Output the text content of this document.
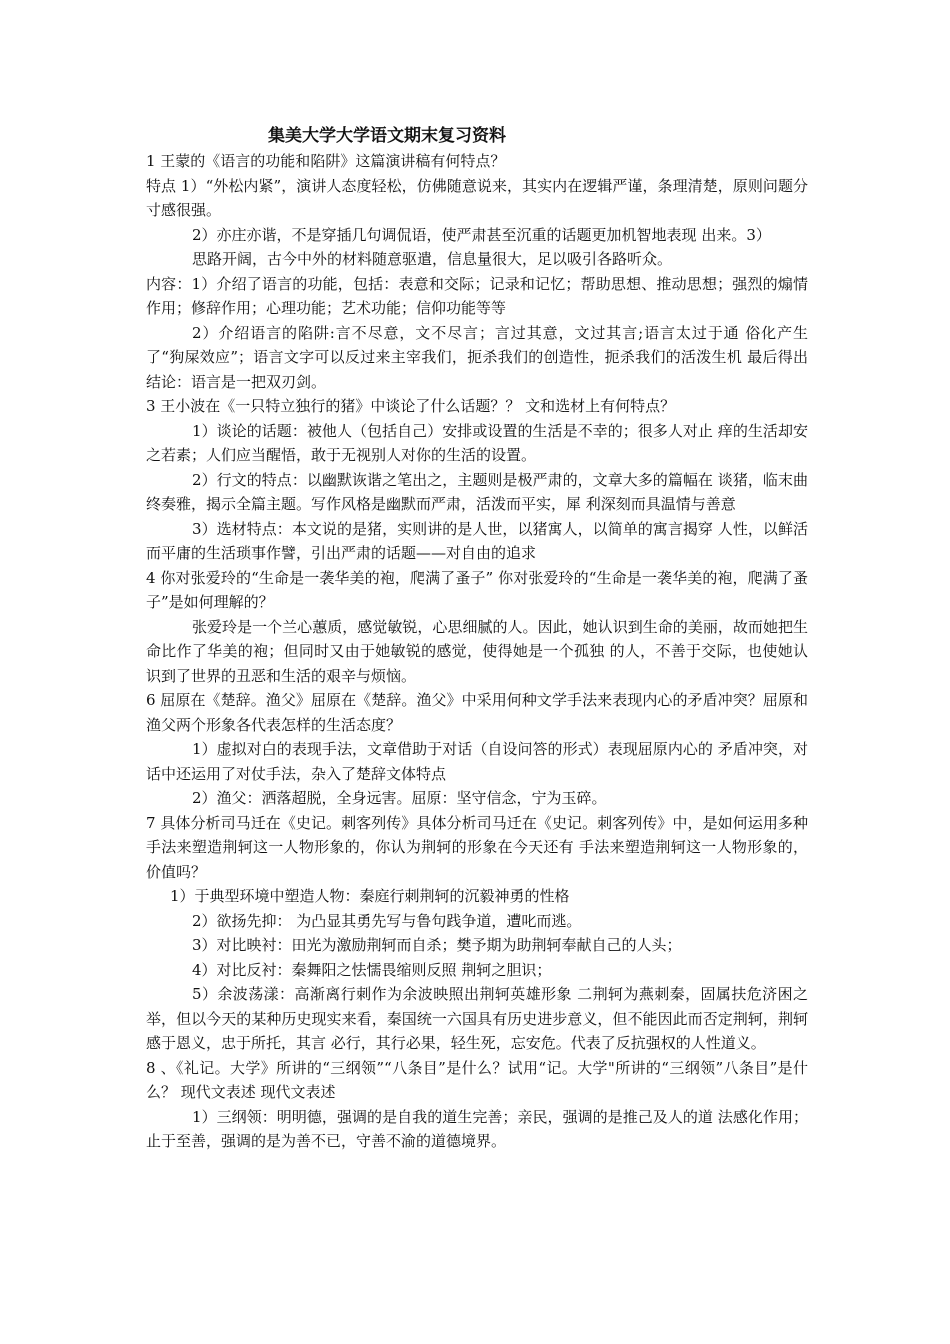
集美大学大学语文期末复习资料

1 王蒙的《语言的功能和陷阱》这篇演讲稿有何特点？

特点 1）“外松内紧”，演讲人态度轻松，仿佛随意说来，其实内在逻辑严谨，条理清楚，原则问题分寸感很强。

2）亦庄亦谐，不是穿插几句调侃语，使严肃甚至沉重的话题更加机智地表现 出来。3）

思路开阔，古今中外的材料随意驱遣，信息量很大，足以吸引各路听众。

内容：1）介绍了语言的功能，包括：表意和交际；记录和记忆；帮助思想、推动思想；强烈的煽情作用；修辞作用；心理功能；艺术功能；信仰功能等等

2）介绍语言的陷阱:言不尽意，文不尽言；言过其意，文过其言;语言太过于通 俗化产生了“狗屎效应”；语言文字可以反过来主宰我们，扼杀我们的创造性，扼杀我们的活泼生机 最后得出结论：语言是一把双刃剑。

3 王小波在《一只特立独行的猪》中谈论了什么话题？？ 文和选材上有何特点？

1）谈论的话题：被他人（包括自己）安排或设置的生活是不幸的；很多人对止 痒的生活却安之若素；人们应当醒悟，敢于无视别人对你的生活的设置。

2）行文的特点：以幽默诙谐之笔出之，主题则是极严肃的，文章大多的篇幅在 谈猪，临末曲终奏雅，揭示全篇主题。写作风格是幽默而严肃，活泼而平实，犀 利深刻而具温情与善意

3）选材特点：本文说的是猪，实则讲的是人世，以猪寓人，以简单的寓言揭穿 人性，以鲜活而平庸的生活琐事作譬，引出严肃的话题——对自由的追求

4 你对张爱玲的“生命是一袭华美的袍，爬满了蚤子” 你对张爱玲的“生命是一袭华美的袍，爬满了蚤子”是如何理解的？

张爱玲是一个兰心蕙质，感觉敏锐，心思细腻的人。因此，她认识到生命的美丽，故而她把生命比作了华美的袍；但同时又由于她敏锐的感觉，使得她是一个孤独 的人，不善于交际，也使她认识到了世界的丑恶和生活的艰辛与烦恼。

6 屈原在《楚辞。渔父》屈原在《楚辞。渔父》中采用何种文学手法来表现内心的矛盾冲突？屈原和渔父两个形象各代表怎样的生活态度？

1）虚拟对白的表现手法，文章借助于对话（自设问答的形式）表现屈原内心的 矛盾冲突，对话中还运用了对仗手法，杂入了楚辞文体特点

2）渔父：洒落超脱，全身远害。屈原：坚守信念，宁为玉碎。

7 具体分析司马迁在《史记。刺客列传》具体分析司马迁在《史记。刺客列传》中，是如何运用多种 手法来塑造荆轲这一人物形象的，你认为荆轲的形象在今天还有 手法来塑造荆轲这一人物形象的， 价值吗？

1）于典型环境中塑造人物：秦庭行刺荆轲的沉毅神勇的性格

2）欲扬先抑： 为凸显其勇先写与鲁句践争道，遭叱而逃。

3）对比映衬：田光为激励荆轲而自杀；樊予期为助荆轲奉献自己的人头；

4）对比反衬：秦舞阳之怯懦畏缩则反照 荆轲之胆识；

5）余波荡漾：高渐离行刺作为余波映照出荆轲英雄形象 二荆轲为燕刺秦，固属扶危济困之举，但以今天的某种历史现实来看，秦国统一六国具有历史进步意义，但不能因此而否定荆轲，荆轲感于恩义，忠于所托，其言 必行，其行必果，轻生死，忘安危。代表了反抗强权的人性道义。

8 、《礼记。大学》所讲的“三纲领”“八条目”是什么？试用“记。大学"所讲的“三纲领”八条目”是什么？ 现代文表述 现代文表述

1）三纲领：明明德，强调的是自我的道生完善；亲民，强调的是推己及人的道 法感化作用；止于至善，强调的是为善不已，守善不渝的道德境界。
